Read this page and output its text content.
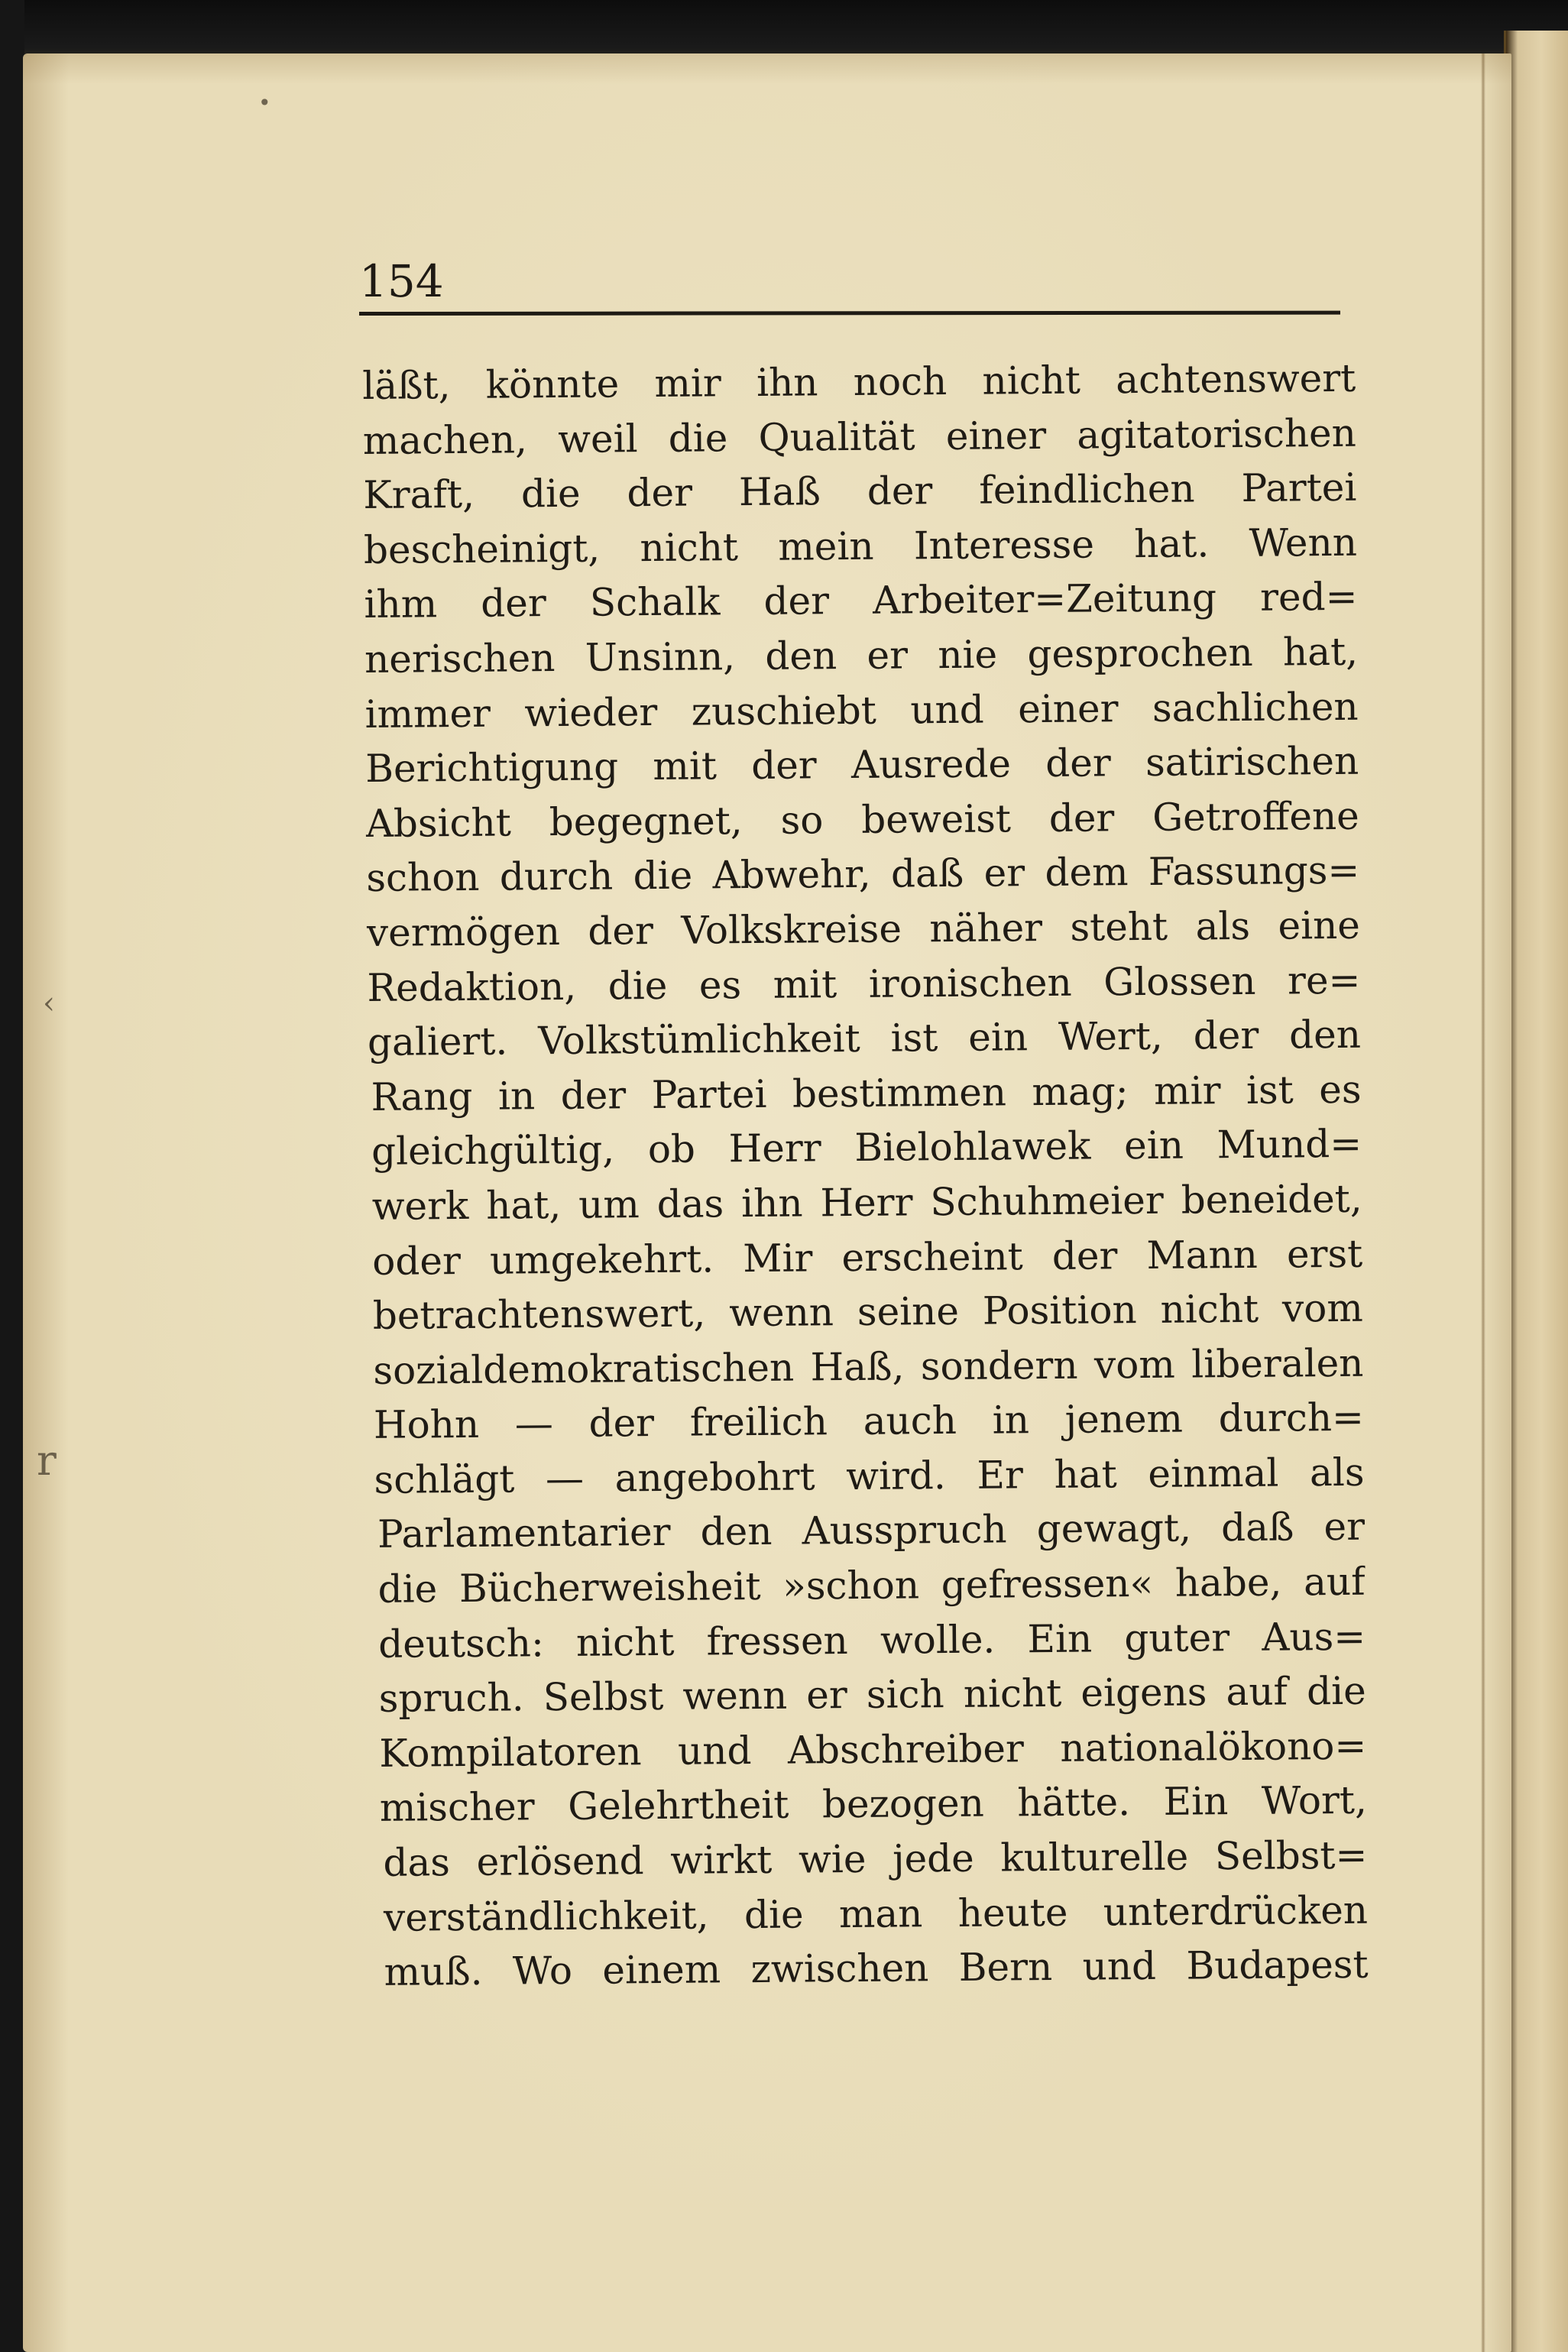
•
‹
r
154
läßt, könnte mir ihn noch nicht achtenswert
machen, weil die Qualität einer agitatorischen
Kraft, die der Haß der feindlichen Partei
bescheinigt, nicht mein Interesse hat. Wenn
ihm der Schalk der Arbeiter=Zeitung red=
nerischen Unsinn, den er nie gesprochen hat,
immer wieder zuschiebt und einer sachlichen
Berichtigung mit der Ausrede der satirischen
Absicht begegnet, so beweist der Getroffene
schon durch die Abwehr, daß er dem Fassungs=
vermögen der Volkskreise näher steht als eine
Redaktion, die es mit ironischen Glossen re=
galiert. Volkstümlichkeit ist ein Wert, der den
Rang in der Partei bestimmen mag; mir ist es
gleichgültig, ob Herr Bielohlawek ein Mund=
werk hat, um das ihn Herr Schuhmeier beneidet,
oder umgekehrt. Mir erscheint der Mann erst
betrachtenswert, wenn seine Position nicht vom
sozialdemokratischen Haß, sondern vom liberalen
Hohn — der freilich auch in jenem durch=
schlägt — angebohrt wird. Er hat einmal als
Parlamentarier den Ausspruch gewagt, daß er
die Bücherweisheit »schon gefressen« habe, auf
deutsch: nicht fressen wolle. Ein guter Aus=
spruch. Selbst wenn er sich nicht eigens auf die
Kompilatoren und Abschreiber nationalökono=
mischer Gelehrtheit bezogen hätte. Ein Wort,
das erlösend wirkt wie jede kulturelle Selbst=
verständlichkeit, die man heute unterdrücken
muß. Wo einem zwischen Bern und Budapest
